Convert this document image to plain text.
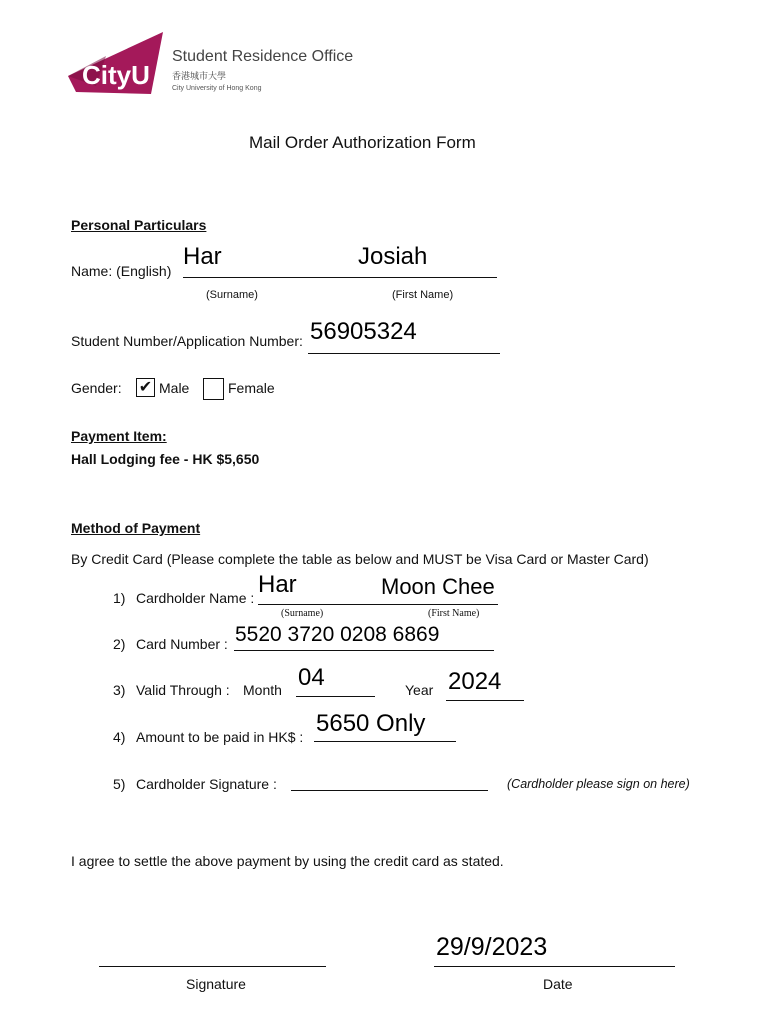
CityU
Student Residence Office
香港城市大學
City University of Hong Kong
Mail Order Authorization Form
Personal Particulars
Name: (English)
Har	Josiah
(Surname)	(First Name)
Student Number/Application Number: 56905324
Gender: ✔ Male	Female
Payment Item:
Hall Lodging fee - HK $5,650
Method of Payment
By Credit Card (Please complete the table as below and MUST be Visa Card or Master Card)
1) Cardholder Name : Har	Moon Chee
(Surname)	(First Name)
2) Card Number : 5520 3720 0208 6869
3) Valid Through : Month 04	Year 2024
4) Amount to be paid in HK$ : 5650 Only
5) Cardholder Signature :	(Cardholder please sign on here)
I agree to settle the above payment by using the credit card as stated.
Signature
29/9/2023
Date
